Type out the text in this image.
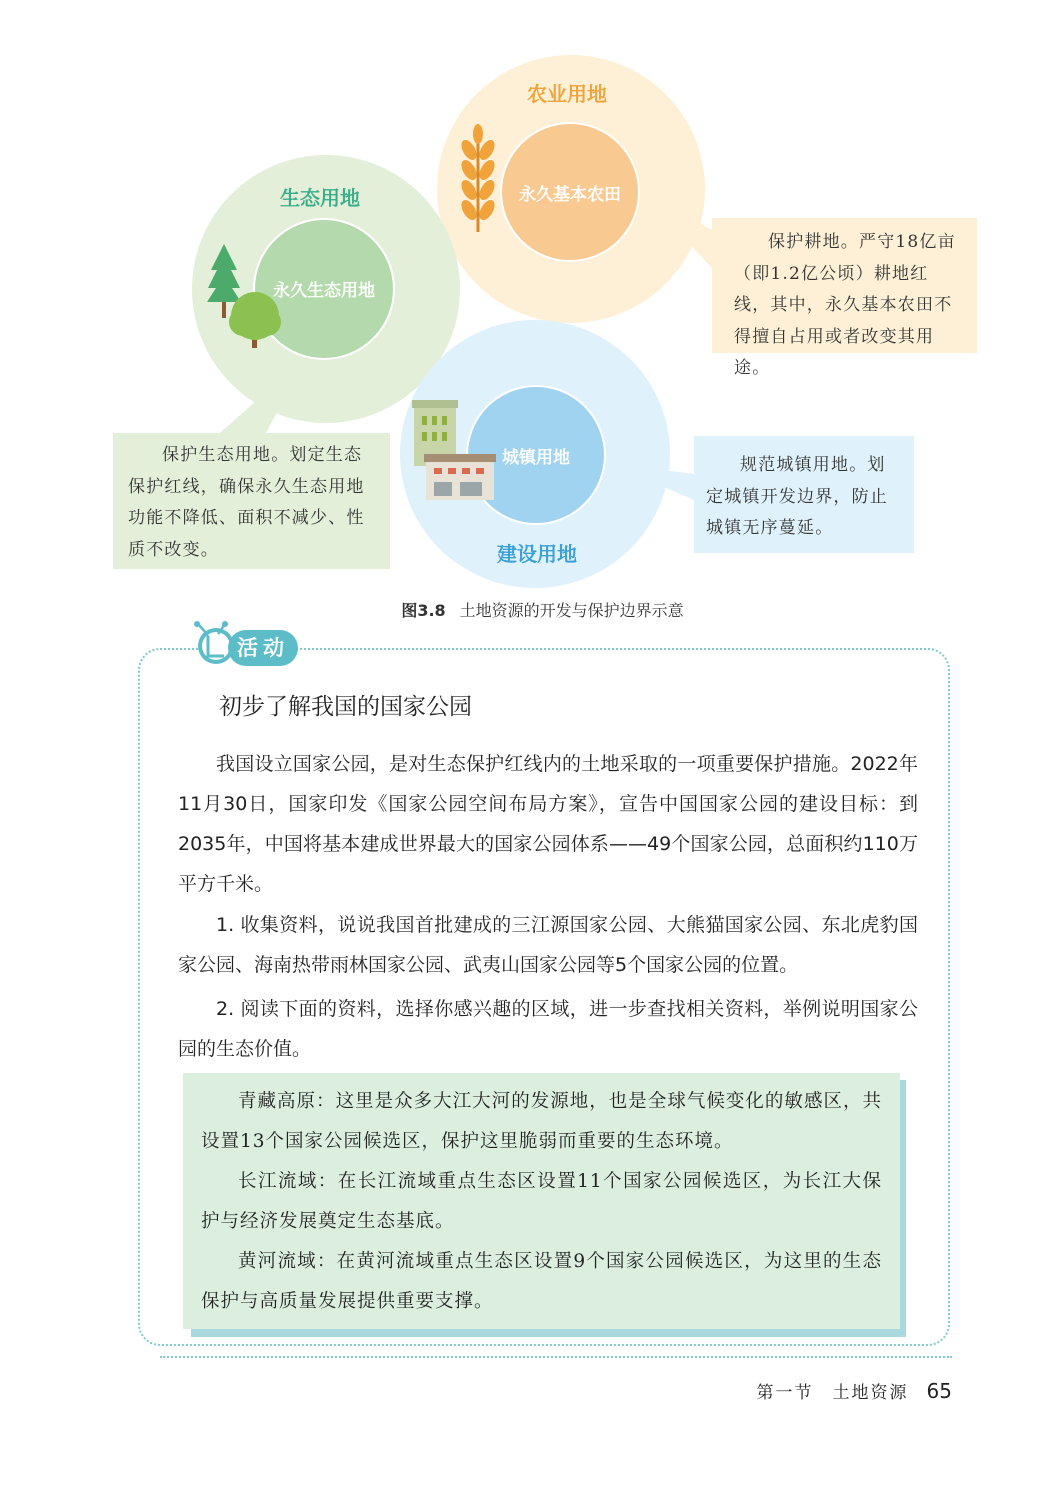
农业用地
生态用地
建设用地
永久基本农田
永久生态用地
城镇用地
保护耕地。严守18亿亩（即1.2亿公顷）耕地红线，其中，永久基本农田不得擅自占用或者改变其用途。
保护生态用地。划定生态保护红线，确保永久生态用地功能不降低、面积不减少、性质不改变。
规范城镇用地。划定城镇开发边界，防止城镇无序蔓延。
图3.8 土地资源的开发与保护边界示意
活动
初步了解我国的国家公园

我国设立国家公园，是对生态保护红线内的土地采取的一项重要保护措施。2022年11月30日，国家印发《国家公园空间布局方案》，宣告中国国家公园的建设目标：到2035年，中国将基本建成世界最大的国家公园体系——49个国家公园，总面积约110万平方千米。

1. 收集资料，说说我国首批建成的三江源国家公园、大熊猫国家公园、东北虎豹国家公园、海南热带雨林国家公园、武夷山国家公园等5个国家公园的位置。

2. 阅读下面的资料，选择你感兴趣的区域，进一步查找相关资料，举例说明国家公园的生态价值。

青藏高原：这里是众多大江大河的发源地，也是全球气候变化的敏感区，共设置13个国家公园候选区，保护这里脆弱而重要的生态环境。

长江流域：在长江流域重点生态区设置11个国家公园候选区，为长江大保护与经济发展奠定生态基底。

黄河流域：在黄河流域重点生态区设置9个国家公园候选区，为这里的生态保护与高质量发展提供重要支撑。

第一节　土地资源 65
